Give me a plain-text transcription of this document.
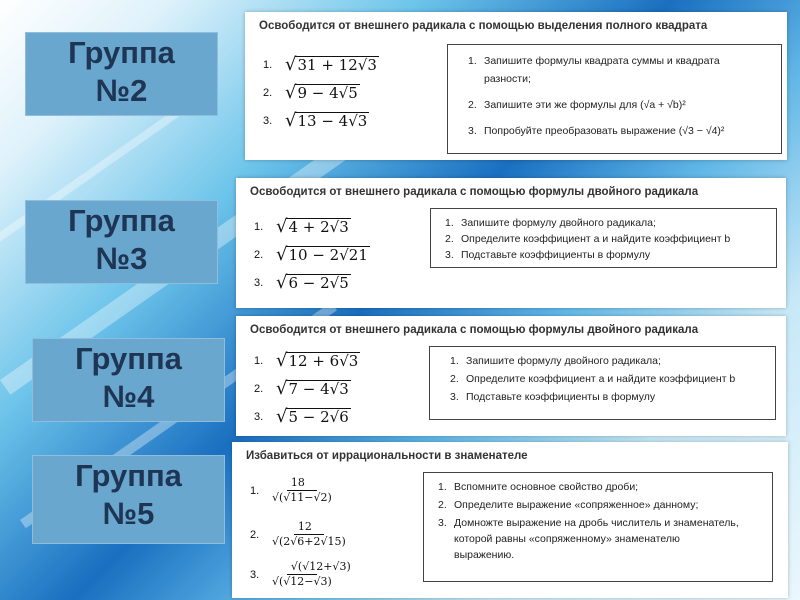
Группа
№2
Группа
№3
Группа
№4
Группа
№5
Освободится от внешнего радикала с помощью выделения полного квадрата
1. √ 31 + 12√3
2. √ 9 − 4√5
3. √ 13 − 4√3
1. Запишите формулы квадрата суммы и квадрата
разности;
2. Запишите эти же формулы для (√a + √b)²
3. Попробуйте преобразовать выражение (√3 − √4)²
Освободится от внешнего радикала с помощью формулы двойного радикала
1. √ 4 + 2√3
2. √ 10 − 2√21
3. √ 6 − 2√5
1. Запишите формулу двойного радикала;
2. Определите коэффициент a и найдите коэффициент b
3. Подставьте коэффициенты в формулу
Освободится от внешнего радикала с помощью формулы двойного радикала
1. √ 12 + 6√3
2. √ 7 − 4√3
3. √ 5 − 2√6
1. Запишите формулу двойного радикала;
2. Определите коэффициент a и найдите коэффициент b
3. Подставьте коэффициенты в формулу
Избавиться от иррациональности в знаменателе
1.	$\frac{18}{√(√11-√2)}$
2.	$\frac{12}{√(2√6+2√15)}$
3.	$\frac{√(√12+√3)}{√(√12-√3)}$
1. Вспомните основное свойство дроби;
2. Определите выражение «сопряженное» данному;
3. Домножте выражение на дробь числитель и знаменатель,
которой равны «сопряженному» знаменателю
выражению.
